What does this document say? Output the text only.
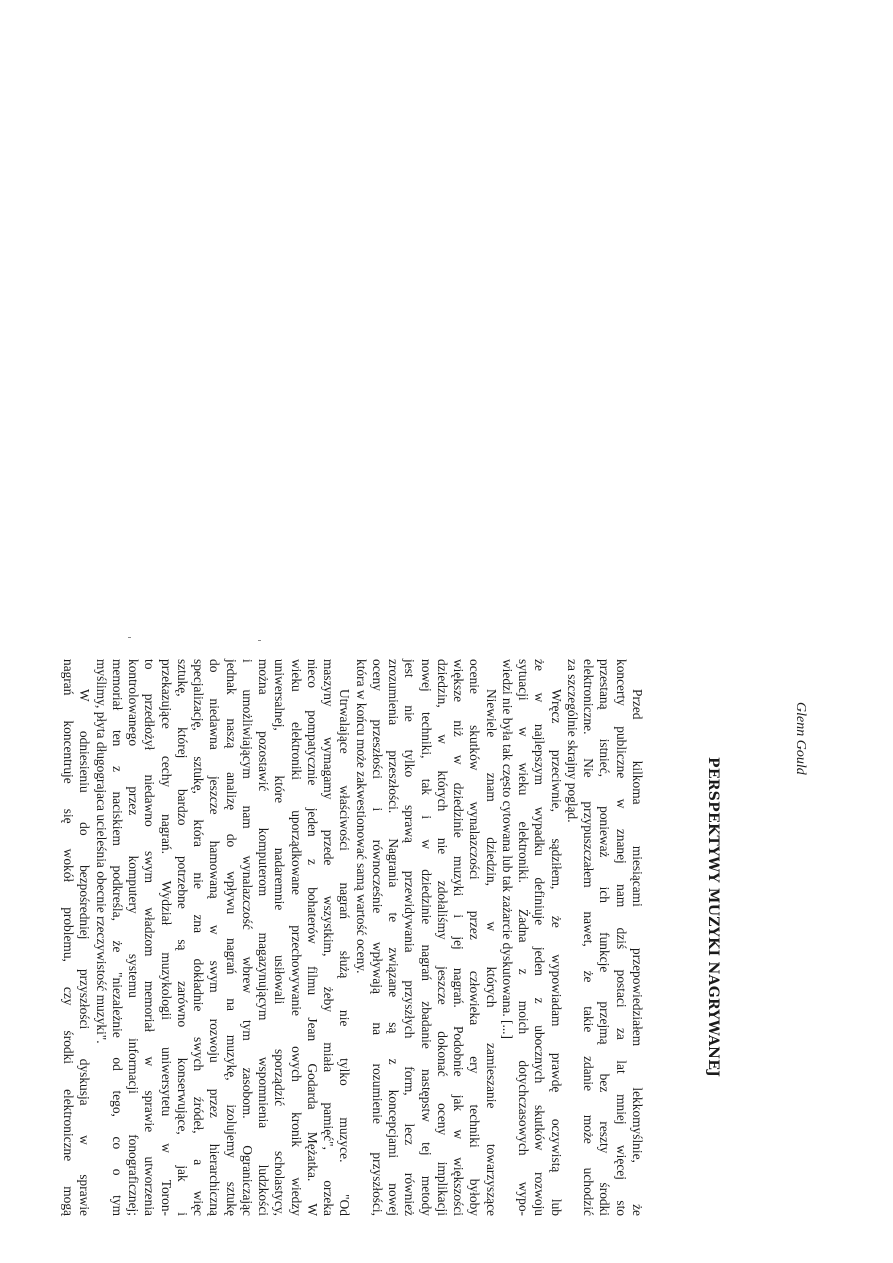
Glenn Gould
PERSPEKTYWY MUZYKI NAGRYWANEJ
Przed kilkoma miesiącami przepowiedziałem lekkomyślnie, że
koncerty publiczne w znanej nam dziś postaci za lat mniej więcej sto
przestaną istnieć, ponieważ ich funkcje przejmą bez reszty środki
elektroniczne. Nie przypuszczałem nawet, że takie zdanie może uchodzić
za szczególnie skrajny pogląd.
Wręcz przeciwnie, sądziłem, że wypowiadam prawdę oczywistą lub
że w najlepszym wypadku definiuje jeden z ubocznych skutków rozwoju
sytuacji w wieku elektroniki. Żadna z moich dotychczasowych wypo-
wiedzi nie była tak często cytowana lub tak zażarcie dyskutowana. [...]
Niewiele znam dziedzin, w których zamieszanie towarzyszące
ocenie skutków wynalazczości przez człowieka ery techniki byłoby
większe niż w dziedzinie muzyki i jej nagrań. Podobnie jak w większości
dziedzin, w których nie zdołaliśmy jeszcze dokonać oceny implikacji
nowej techniki, tak i w dziedzinie nagrań zbadanie następstw tej metody
jest nie tylko sprawą przewidywania przyszłych form, lecz również
zrozumienia przeszłości. Nagrania te związane są z koncepcjami nowej
oceny przeszłości i równocześnie wpływają na rozumienie przyszłości,
która w końcu może zakwestionować samą wartość oceny.
Utrwalające właściwości nagrań służą nie tylko muzyce. "Od
maszyny wymagamy przede wszystkim, żeby miała pamięć", orzeka
nieco pompatycznie jeden z bohaterów filmu Jean Godarda Mężatka. W
wieku elektroniki uporządkowane przechowywanie owych kronik wiedzy
uniwersalnej, które nadaremnie usiłowali sporządzić scholastycy,
można pozostawić komputerom magazynującym wspomnienia ludzkości
i umożliwiającym nam wynalazczość wbrew tym zasobom. Ograniczając
jednak naszą analizę do wpływu nagrań na muzykę, izolujemy sztukę
do niedawna jeszcze hamowaną w swym rozwoju przez hierarchiczną
specjalizację, sztukę, która nie zna dokładnie swych źródeł, a więc
sztukę, której bardzo potrzebne są zarówno konserwujące, jak i
przekazujące cechy nagrań. Wydział muzykologii uniwersytetu w Toron-
to przedłożył niedawno swym władzom memoriał w sprawie utworzenia
kontrolowanego przez komputery systemu informacji fonograficznej;
memoriał ten z naciskiem podkreśla, że "niezależnie od tego, co o tym
myślimy, płyta długograjaca ucieleśnia obecnie rzeczywistość muzyki".
W odniesieniu do bezpośredniej przyszłości dyskusja w sprawie
nagrań koncentruje się wokół problemu, czy środki elektroniczne mogą
